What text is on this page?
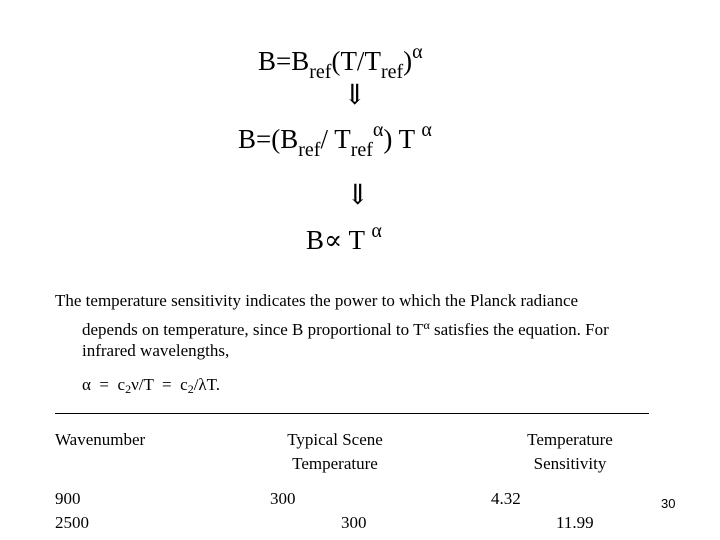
$B=B_{ref}(T/T_{ref})^\alpha$
⇓
$B=(B_{ref}/$ $T_{ref}^\alpha$) T $^\alpha$
⇓
B∝ T $^\alpha$
The temperature sensitivity indicates the power to which the Planck radiance
depends on temperature, since B proportional to $T^\alpha$ satisfies the equation. For
infrared wavelengths,
$\alpha = c_2\nu/T = c_2/\lambda T$.
Wavenumber	Typical Scene
Temperature
Temperature
Sensitivity
900
2500
300
300
4.32
11.99
30
